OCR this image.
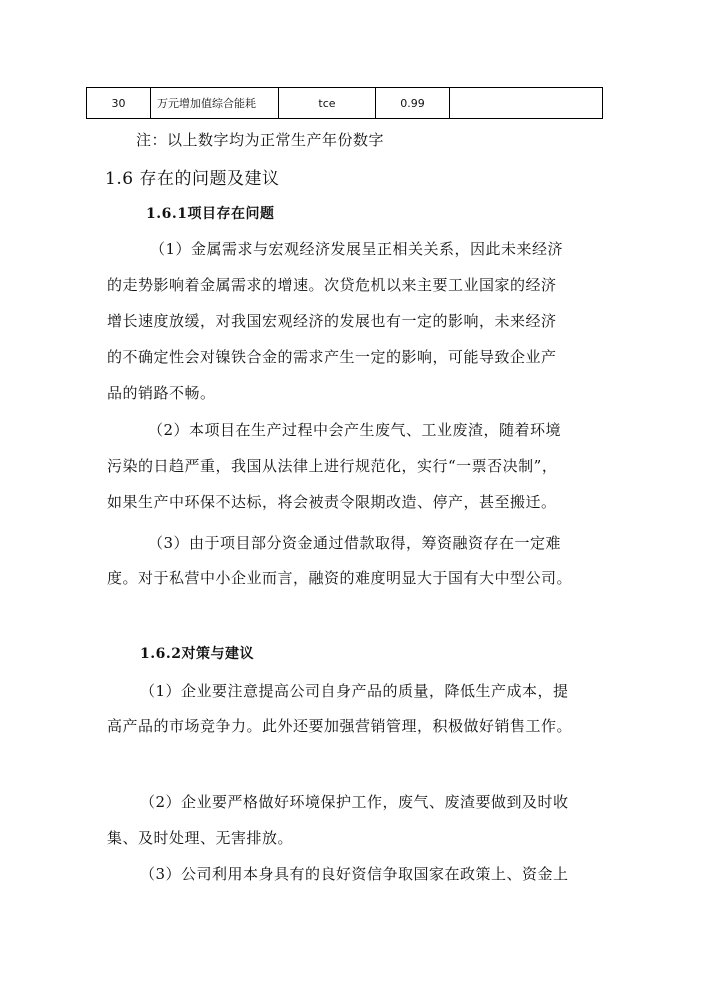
30	万元增加值综合能耗	tce	0.99	
注：以上数字均为正常生产年份数字
1.6 存在的问题及建议
1.6.1项目存在问题
（1）金属需求与宏观经济发展呈正相关关系，因此未来经济
的走势影响着金属需求的增速。次贷危机以来主要工业国家的经济
增长速度放缓，对我国宏观经济的发展也有一定的影响，未来经济
的不确定性会对镍铁合金的需求产生一定的影响，可能导致企业产
品的销路不畅。
（2）本项目在生产过程中会产生废气、工业废渣，随着环境
污染的日趋严重，我国从法律上进行规范化，实行“一票否决制”，
如果生产中环保不达标，将会被责令限期改造、停产，甚至搬迁。
（3）由于项目部分资金通过借款取得，筹资融资存在一定难
度。对于私营中小企业而言，融资的难度明显大于国有大中型公司。
1.6.2对策与建议
（1）企业要注意提高公司自身产品的质量，降低生产成本，提
高产品的市场竞争力。此外还要加强营销管理，积极做好销售工作。
（2）企业要严格做好环境保护工作，废气、废渣要做到及时收
集、及时处理、无害排放。
（3）公司利用本身具有的良好资信争取国家在政策上、资金上
